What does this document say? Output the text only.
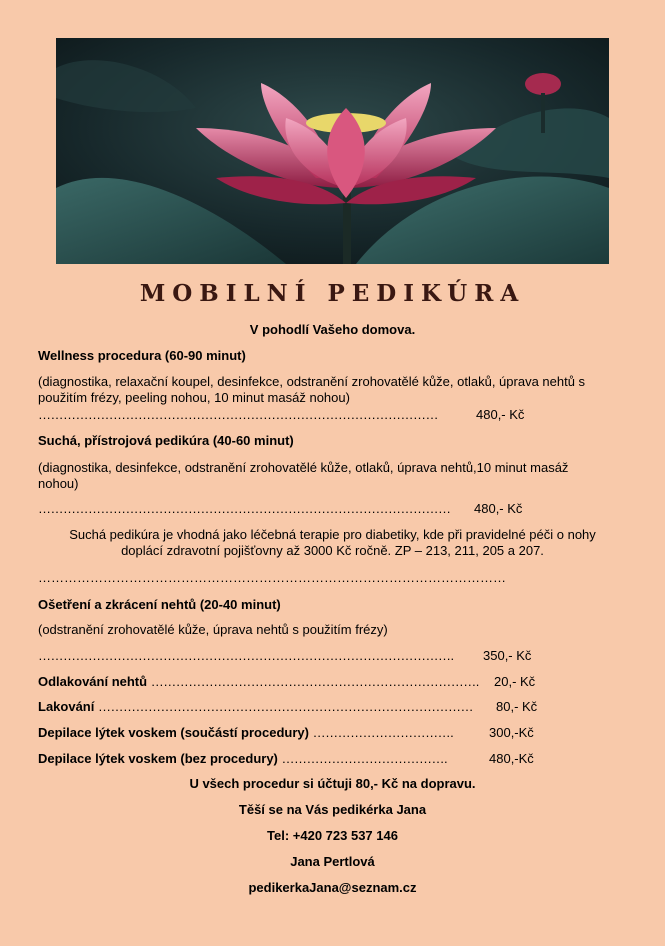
MOBILNÍ PEDIKÚRA
V pohodlí Vašeho domova.
Wellness procedura (60-90 minut)
(diagnostika, relaxační koupel, desinfekce, odstranění zrohovatělé kůže, otlaků, úprava nehtů s použitím frézy, peeling nohou, 10 minut masáž nohou)
……………………………………………………………………………………	480,- Kč
Suchá, přístrojová pedikúra (40-60 minut)
(diagnostika, desinfekce, odstranění zrohovatělé kůže, otlaků, úprava nehtů,10 minut masáž nohou)
……………………………………………………………………………………… 480,- Kč
Suchá pedikúra je vhodná jako léčebná terapie pro diabetiky, kde při pravidelné péči o nohy doplácí zdravotní pojišťovny až 3000 Kč ročně. ZP – 213, 211, 205 a 207.
………………………………………………………………………………………………
Ošetření a zkrácení nehtů (20-40 minut)
(odstranění zrohovatělé kůže, úprava nehtů s použitím frézy)
………………………………………………………………………………………. 350,- Kč
Odlakování nehtů ……………………………………………………………………. 20,- Kč
Lakování ……………………………………………………………………………… 80,- Kč
Depilace lýtek voskem (součástí procedury) …………………………….	300,-Kč
Depilace lýtek voskem (bez procedury) ………………………………….	480,-Kč
U všech procedur si účtuji 80,- Kč na dopravu.
Těší se na Vás pedikérka Jana
Tel: +420 723 537 146
Jana Pertlová
pedikerkaJana@seznam.cz
